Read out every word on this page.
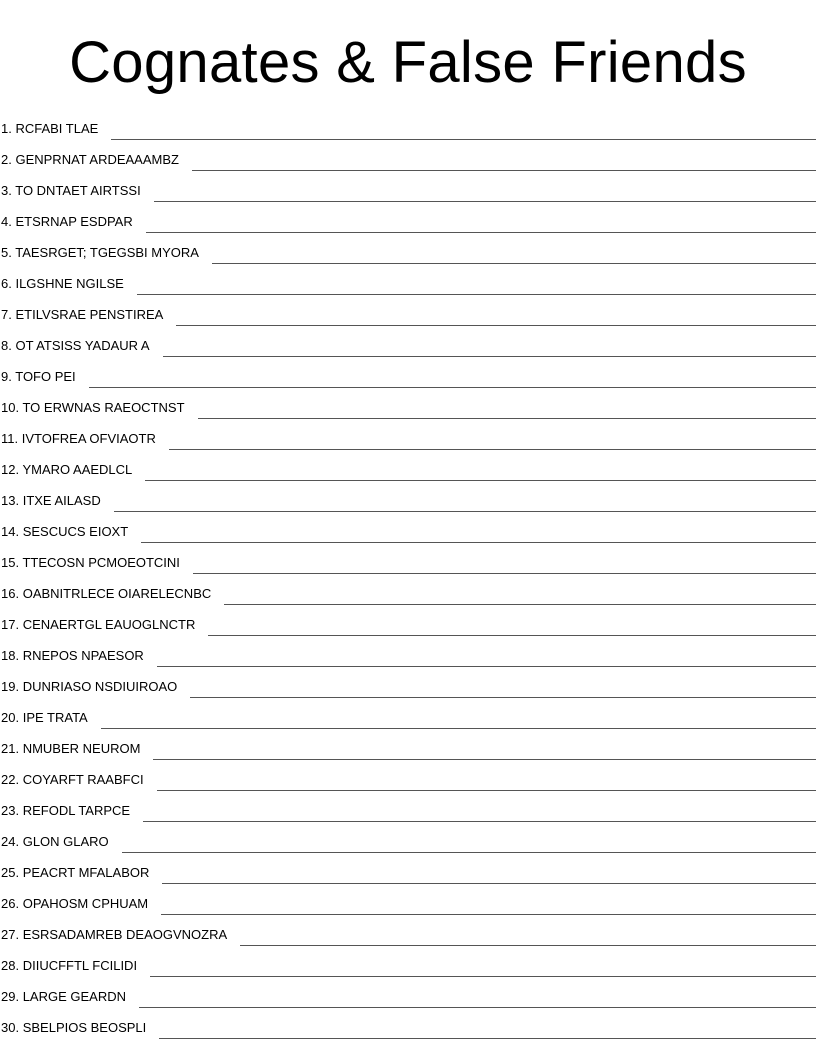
Cognates & False Friends
1 . RCFABI TLAE
2 . GENPRNAT ARDEAAAMBZ
3 . TO DNTAET AIRTSSI
4 . ETSRNAP ESDPAR
5 . TAESRGET; TGEGSBI MYORA
6 . ILGSHNE NGILSE
7 . ETILVSRAE PENSTIREA
8 . OT ATSISS YADAUR A
9 . TOFO PEI
10 . TO ERWNAS RAEOCTNST
11 . IVTOFREA OFVIAOTR
12 . YMARO AAEDLCL
13 . ITXE AILASD
14 . SESCUCS EIOXT
15 . TTECOSN PCMOEOTCINI
16 . OABNITRLECE OIARELECNBC
17 . CENAERTGL EAUOGLNCTR
18 . RNEPOS NPAESOR
19 . DUNRIASO NSDIUIROAO
20 . IPE TRATA
21 . NMUBER NEUROM
22 . COYARFT RAABFCI
23 . REFODL TARPCE
24 . GLON GLARO
25 . PEACRT MFALABOR
26 . OPAHOSM CPHUAM
27 . ESRSADAMREB DEAOGVNOZRA
28 . DIIUCFFTL FCILIDI
29 . LARGE GEARDN
30 . SBELPIOS BEOSPLI
